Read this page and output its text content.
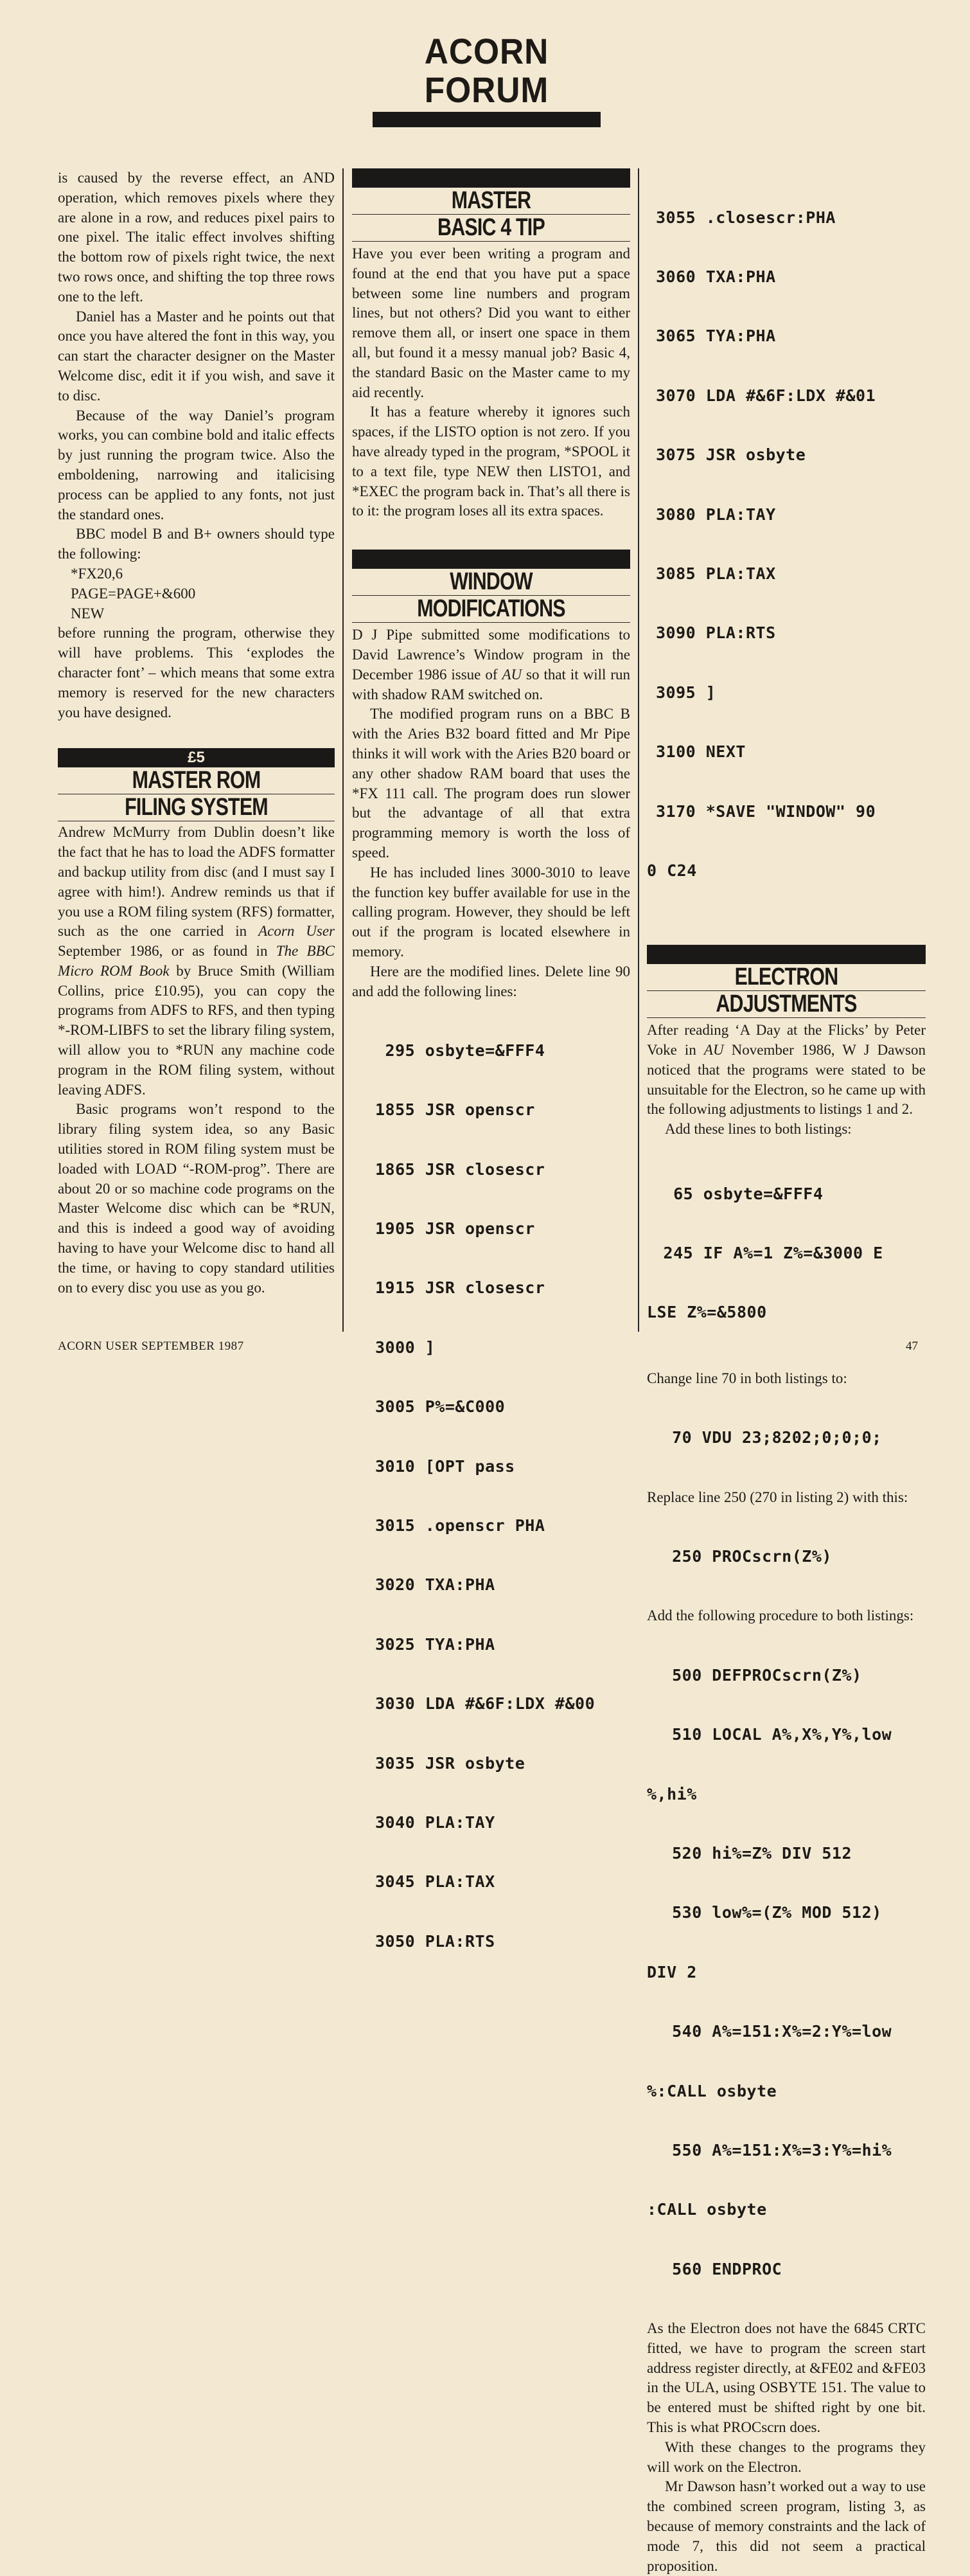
ACORN FORUM

is caused by the reverse effect, an AND operation, which removes pixels where they are alone in a row, and reduces pixel pairs to one pixel. The italic effect involves shifting the bottom row of pixels right twice, the next two rows once, and shifting the top three rows one to the left.

Daniel has a Master and he points out that once you have altered the font in this way, you can start the character designer on the Master Welcome disc, edit it if you wish, and save it to disc.

Because of the way Daniel’s program works, you can combine bold and italic effects by just running the program twice. Also the emboldening, narrowing and italicising process can be applied to any fonts, not just the standard ones.

BBC model B and B+ owners should type the following:

*FX20,6

PAGE=PAGE+&600

NEW

before running the program, otherwise they will have problems. This ‘explodes the character font’ – which means that some extra memory is reserved for the new characters you have designed.

£5
MASTER ROM
FILING SYSTEM

Andrew McMurry from Dublin doesn’t like the fact that he has to load the ADFS formatter and backup utility from disc (and I must say I agree with him!). Andrew reminds us that if you use a ROM filing system (RFS) formatter, such as the one carried in Acorn User September 1986, or as found in The BBC Micro ROM Book by Bruce Smith (William Collins, price £10.95), you can copy the programs from ADFS to RFS, and then typing *-ROM-LIBFS to set the library filing system, will allow you to *RUN any machine code program in the ROM filing system, without leaving ADFS.

Basic programs won’t respond to the library filing system idea, so any Basic utilities stored in ROM filing system must be loaded with LOAD “-ROM-prog”. There are about 20 or so machine code programs on the Master Welcome disc which can be *RUN, and this is indeed a good way of avoiding having to have your Welcome disc to hand all the time, or having to copy standard utilities on to every disc you use as you go.

MASTER
BASIC 4 TIP

Have you ever been writing a program and found at the end that you have put a space between some line numbers and program lines, but not others? Did you want to either remove them all, or insert one space in them all, but found it a messy manual job? Basic 4, the standard Basic on the Master came to my aid recently.

It has a feature whereby it ignores such spaces, if the LISTO option is not zero. If you have already typed in the program, *SPOOL it to a text file, type NEW then LISTO1, and *EXEC the program back in. That’s all there is to it: the program loses all its extra spaces.

WINDOW
MODIFICATIONS

D J Pipe submitted some modifications to David Lawrence’s Window program in the December 1986 issue of AU so that it will run with shadow RAM switched on.

The modified program runs on a BBC B with the Aries B32 board fitted and Mr Pipe thinks it will work with the Aries B20 board or any other shadow RAM board that uses the *FX 111 call. The program does run slower but the advantage of all that extra programming memory is worth the loss of speed.

He has included lines 3000-3010 to leave the function key buffer available for use in the calling program. However, they should be left out if the program is located elsewhere in memory.

Here are the modified lines. Delete line 90 and add the following lines:

295 osbyte=&FFF4

1855 JSR openscr

1865 JSR closescr

1905 JSR openscr

1915 JSR closescr

3000 ]

3005 P%=&C000

3010 [OPT pass

3015 .openscr PHA

3020 TXA:PHA

3025 TYA:PHA

3030 LDA #&6F:LDX #&00

3035 JSR osbyte

3040 PLA:TAY

3045 PLA:TAX

3050 PLA:RTS

3055 .closescr:PHA

3060 TXA:PHA

3065 TYA:PHA

3070 LDA #&6F:LDX #&01

3075 JSR osbyte

3080 PLA:TAY

3085 PLA:TAX

3090 PLA:RTS

3095 ]

3100 NEXT

3170 *SAVE "WINDOW" 90

0 C24

ELECTRON
ADJUSTMENTS

After reading ‘A Day at the Flicks’ by Peter Voke in AU November 1986, W J Dawson noticed that the programs were stated to be unsuitable for the Electron, so he came up with the following adjustments to listings 1 and 2.

Add these lines to both listings:

65 osbyte=&FFF4

245 IF A%=1 Z%=&3000 E

LSE Z%=&5800

Change line 70 in both listings to:

70 VDU 23;8202;0;0;0;

Replace line 250 (270 in listing 2) with this:

250 PROCscrn(Z%)

Add the following procedure to both listings:

500 DEFPROCscrn(Z%)

510 LOCAL A%,X%,Y%,low

%,hi%

520 hi%=Z% DIV 512

530 low%=(Z% MOD 512)

DIV 2

540 A%=151:X%=2:Y%=low

%:CALL osbyte

550 A%=151:X%=3:Y%=hi%

:CALL osbyte

560 ENDPROC

As the Electron does not have the 6845 CRTC fitted, we have to program the screen start address register directly, at &FE02 and &FE03 in the ULA, using OSBYTE 151. The value to be entered must be shifted right by one bit. This is what PROCscrn does.

With these changes to the programs they will work on the Electron.

Mr Dawson hasn’t worked out a way to use the combined screen program, listing 3, as because of memory constraints and the lack of mode 7, this did not seem a practical proposition.

ACORN USER SEPTEMBER 1987	47
